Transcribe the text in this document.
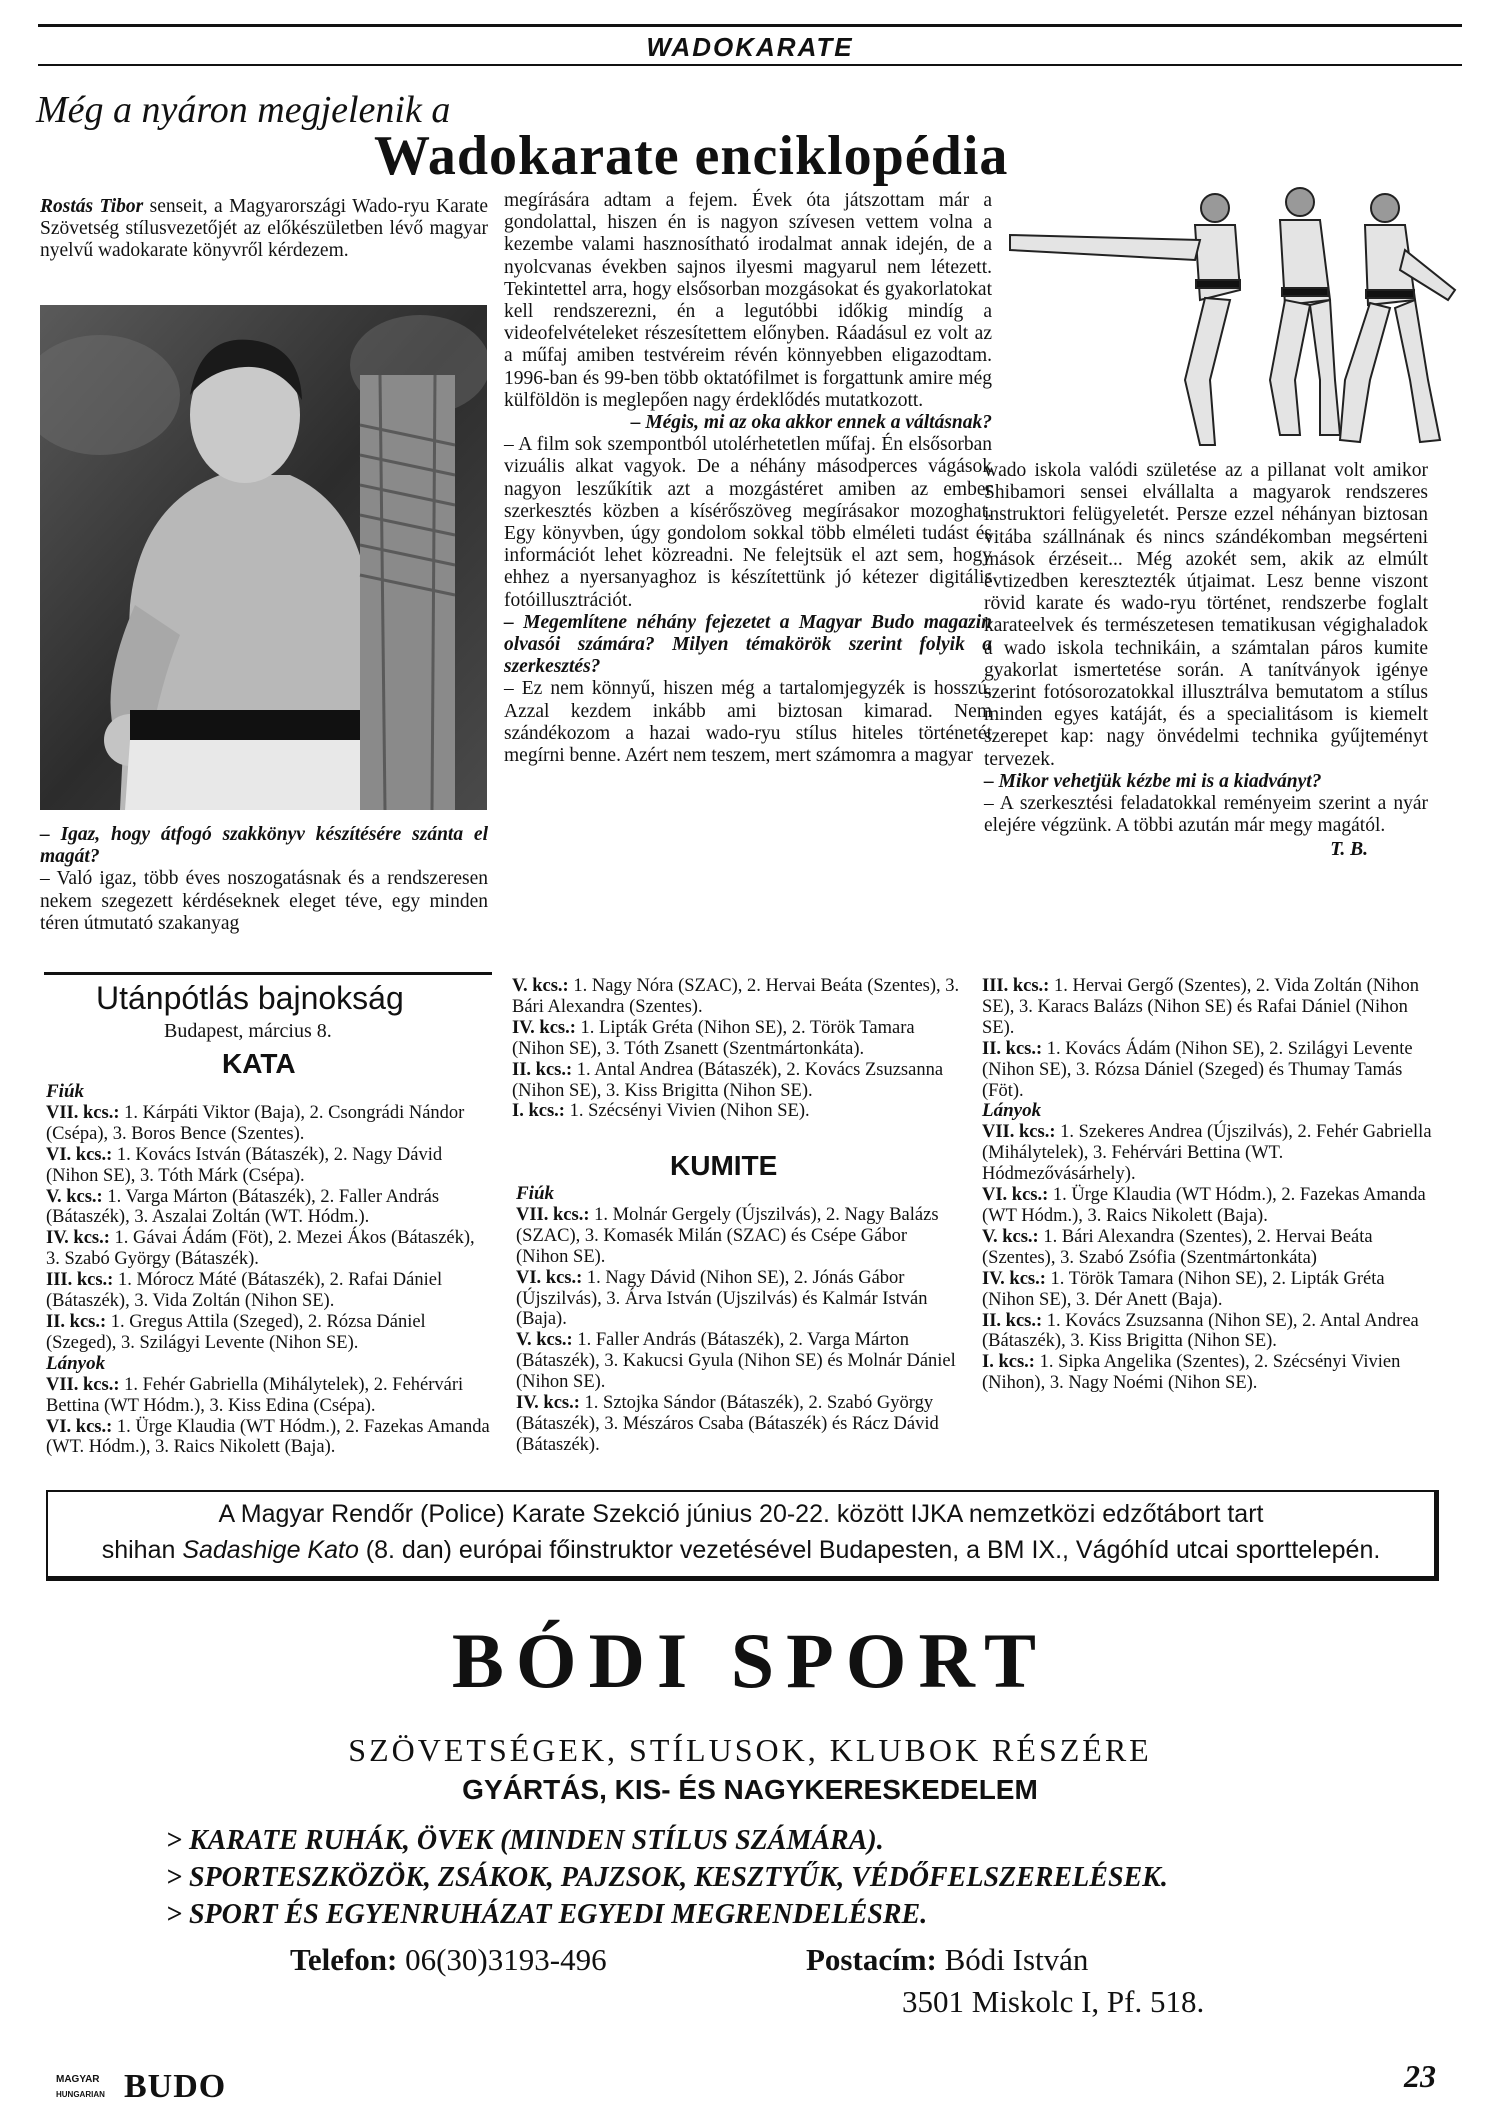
WADOKARATE
Még a nyáron megjelenik a
Wadokarate enciklopédia

Rostás Tibor senseit, a Magyarországi Wado-ryu Karate Szövetség stílusvezetőjét az előkészületben lévő magyar nyelvű wadokarate könyvről kérdezem.

– Igaz, hogy átfogó szakkönyv készítésére szánta el magát?

– Való igaz, több éves noszogatásnak és a rendszeresen nekem szegezett kérdéseknek eleget téve, egy minden téren útmutató szakanyag

megírására adtam a fejem. Évek óta játszottam már a gondolattal, hiszen én is nagyon szívesen vettem volna a kezembe valami hasznosítható irodalmat annak idején, de a nyolcvanas években sajnos ilyesmi magyarul nem létezett. Tekintettel arra, hogy elsősorban mozgásokat és gyakorlatokat kell rendszerezni, én a legutóbbi időkig mindíg a videofelvételeket részesítettem előnyben. Ráadásul ez volt az a műfaj amiben testvéreim révén könnyebben eligazodtam. 1996-ban és 99-ben több oktatófilmet is forgattunk amire még külföldön is meglepően nagy érdeklődés mutatkozott.

– Mégis, mi az oka akkor ennek a váltásnak?

– A film sok szempontból utolérhetetlen műfaj. Én elsősorban vizuális alkat vagyok. De a néhány másodperces vágások nagyon leszűkítik azt a mozgástéret amiben az ember szerkesztés közben a kísérőszöveg megírásakor mozoghat. Egy könyvben, úgy gondolom sokkal több elméleti tudást és információt lehet közreadni. Ne felejtsük el azt sem, hogy ehhez a nyersanyaghoz is készítettünk jó kétezer digitális fotóillusztrációt.

– Megemlítene néhány fejezetet a Magyar Budo magazin olvasói számára? Milyen témakörök szerint folyik a szerkesztés?

– Ez nem könnyű, hiszen még a tartalomjegyzék is hosszú. Azzal kezdem inkább ami biztosan kimarad. Nem szándékozom a hazai wado-ryu stílus hiteles történetét megírni benne. Azért nem teszem, mert számomra a magyar

wado iskola valódi születése az a pillanat volt amikor Shibamori sensei elvállalta a magyarok rendszeres instruktori felügyeletét. Persze ezzel néhányan biztosan vitába szállnának és nincs szándékomban megsérteni mások érzéseit... Még azokét sem, akik az elmúlt évtizedben keresztezték útjaimat. Lesz benne viszont rövid karate és wado-ryu történet, rendszerbe foglalt karateelvek és természetesen tematikusan végighaladok a wado iskola technikáin, a számtalan páros kumite gyakorlat ismertetése során. A tanítványok igénye szerint fotósorozatokkal illusztrálva bemutatom a stílus minden egyes katáját, és a specialitásom is kiemelt szerepet kap: nagy önvédelmi technika gyűjteményt tervezek.

– Mikor vehetjük kézbe mi is a kiadványt?

– A szerkesztési feladatokkal reményeim szerint a nyár elejére végzünk. A többi azután már megy magától.

T. B.

Utánpótlás bajnokság
Budapest, március 8.
KATA

Fiúk

VII. kcs.: 1. Kárpáti Viktor (Baja), 2. Csongrádi Nándor (Csépa), 3. Boros Bence (Szentes).

VI. kcs.: 1. Kovács István (Bátaszék), 2. Nagy Dávid (Nihon SE), 3. Tóth Márk (Csépa).

V. kcs.: 1. Varga Márton (Bátaszék), 2. Faller András (Bátaszék), 3. Aszalai Zoltán (WT. Hódm.).

IV. kcs.: 1. Gávai Ádám (Föt), 2. Mezei Ákos (Bátaszék), 3. Szabó György (Bátaszék).

III. kcs.: 1. Mórocz Máté (Bátaszék), 2. Rafai Dániel (Bátaszék), 3. Vida Zoltán (Nihon SE).

II. kcs.: 1. Gregus Attila (Szeged), 2. Rózsa Dániel (Szeged), 3. Szilágyi Levente (Nihon SE).

Lányok

VII. kcs.: 1. Fehér Gabriella (Mihálytelek), 2. Fehérvári Bettina (WT Hódm.), 3. Kiss Edina (Csépa).

VI. kcs.: 1. Ürge Klaudia (WT Hódm.), 2. Fazekas Amanda (WT. Hódm.), 3. Raics Nikolett (Baja).

V. kcs.: 1. Nagy Nóra (SZAC), 2. Hervai Beáta (Szentes), 3. Bári Alexandra (Szentes).

IV. kcs.: 1. Lipták Gréta (Nihon SE), 2. Török Tamara (Nihon SE), 3. Tóth Zsanett (Szentmártonkáta).

II. kcs.: 1. Antal Andrea (Bátaszék), 2. Kovács Zsuzsanna (Nihon SE), 3. Kiss Brigitta (Nihon SE).

I. kcs.: 1. Szécsényi Vivien (Nihon SE).

KUMITE

Fiúk

VII. kcs.: 1. Molnár Gergely (Újszilvás), 2. Nagy Balázs (SZAC), 3. Komasék Milán (SZAC) és Csépe Gábor (Nihon SE).

VI. kcs.: 1. Nagy Dávid (Nihon SE), 2. Jónás Gábor (Újszilvás), 3. Árva István (Ujszilvás) és Kalmár István (Baja).

V. kcs.: 1. Faller András (Bátaszék), 2. Varga Márton (Bátaszék), 3. Kakucsi Gyula (Nihon SE) és Molnár Dániel (Nihon SE).

IV. kcs.: 1. Sztojka Sándor (Bátaszék), 2. Szabó György (Bátaszék), 3. Mészáros Csaba (Bátaszék) és Rácz Dávid (Bátaszék).

III. kcs.: 1. Hervai Gergő (Szentes), 2. Vida Zoltán (Nihon SE), 3. Karacs Balázs (Nihon SE) és Rafai Dániel (Nihon SE).

II. kcs.: 1. Kovács Ádám (Nihon SE), 2. Szilágyi Levente (Nihon SE), 3. Rózsa Dániel (Szeged) és Thumay Tamás (Föt).

Lányok

VII. kcs.: 1. Szekeres Andrea (Újszilvás), 2. Fehér Gabriella (Mihálytelek), 3. Fehérvári Bettina (WT. Hódmezővásárhely).

VI. kcs.: 1. Ürge Klaudia (WT Hódm.), 2. Fazekas Amanda (WT Hódm.), 3. Raics Nikolett (Baja).

V. kcs.: 1. Bári Alexandra (Szentes), 2. Hervai Beáta (Szentes), 3. Szabó Zsófia (Szentmártonkáta)

IV. kcs.: 1. Török Tamara (Nihon SE), 2. Lipták Gréta (Nihon SE), 3. Dér Anett (Baja).

II. kcs.: 1. Kovács Zsuzsanna (Nihon SE), 2. Antal Andrea (Bátaszék), 3. Kiss Brigitta (Nihon SE).

I. kcs.: 1. Sipka Angelika (Szentes), 2. Szécsényi Vivien (Nihon), 3. Nagy Noémi (Nihon SE).

A Magyar Rendőr (Police) Karate Szekció június 20-22. között IJKA nemzetközi edzőtábort tart
shihan Sadashige Kato (8. dan) európai főinstruktor vezetésével Budapesten, a BM IX., Vágóhíd utcai sporttelepén.
BÓDI SPORT
SZÖVETSÉGEK, STÍLUSOK, KLUBOK RÉSZÉRE
GYÁRTÁS, KIS- ÉS NAGYKERESKEDELEM
> KARATE RUHÁK, ÖVEK (MINDEN STÍLUS SZÁMÁRA).
> SPORTESZKÖZÖK, ZSÁKOK, PAJZSOK, KESZTYŰK, VÉDŐFELSZERELÉSEK.
> SPORT ÉS EGYENRUHÁZAT EGYEDI MEGRENDELÉSRE.
Telefon: 06(30)3193-496	Postacím: Bódi István
3501 Miskolc I, Pf. 518.
MAGYAR
HUNGARIAN BUDO	23
